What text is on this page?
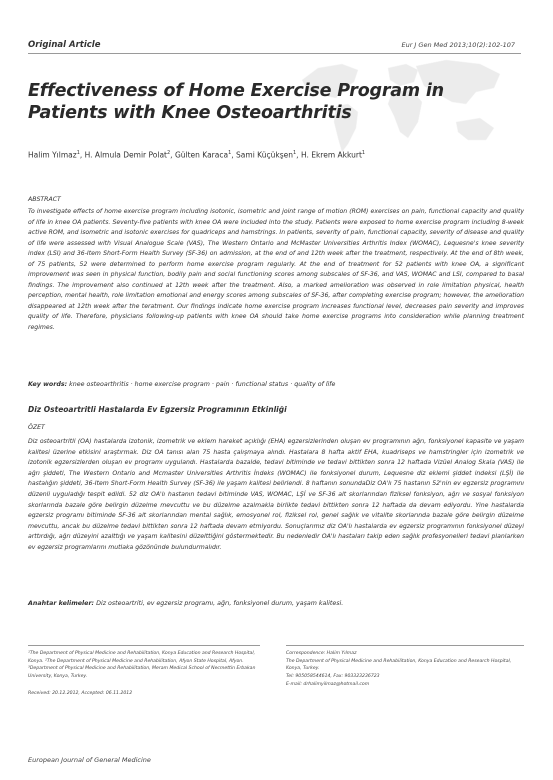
Original Article	Eur J Gen Med 2013;10(2):102-107
Effectiveness of Home Exercise Program in Patients with Knee Osteoarthritis
Halim Yılmaz$^1$, H. Almula Demir Polat$^2$, Gülten Karaca$^1$, Sami Küçükşen$^1$, H. Ekrem Akkurt$^1$
ABSTRACT
To investigate effects of home exercise program including isotonic, isometric and joint range of motion (ROM) exercises on pain, functional capacity and quality of life in knee OA patients. Seventy-five patients with knee OA were included into the study. Patients were exposed to home exercise program including 8-week active ROM, and isometric and isotonic exercises for quadriceps and hamstrings. In patients, severity of pain, functional capacity, severity of disease and quality of life were assessed with Visual Analogue Scale (VAS), The Western Ontario and McMaster Universities Arthritis Index (WOMAC), Lequesne's knee severity index (LSI) and 36-Item Short-Form Health Survey (SF-36) on admission, at the end of and 12th week after the treatment, respectively. At the end of 8th week, of 75 patients, 52 were determined to perform home exercise program regularly. At the end of treatment for 52 patients with knee OA, a significant improvement was seen in physical function, bodily pain and social functioning scores among subscales of SF-36, and VAS, WOMAC and LSI, compared to basal findings. The improvement also continued at 12th week after the treatment. Also, a marked amelioration was observed in role limitation physical, health perception, mental health, role limitation emotional and energy scores among subscales of SF-36, after completing exercise program; however, the amelioration disappeared at 12th week after the teratment. Our findings indicate home exercise program increases functional level, decreases pain severity and improves quality of life. Therefore, physicians following-up patients with knee OA should take home exercise programs into consideration while planning treatment regimes.
Key words: knee osteoarthritis · home exercise program · pain · functional status · quality of life
Diz Osteoartritli Hastalarda Ev Egzersiz Programının Etkinliği
ÖZET
Diz osteoartritli (OA) hastalarda izotonik, izometrik ve eklem hareket açıklığı (EHA) egzersizlerinden oluşan ev programının ağrı, fonksiyonel kapasite ve yaşam kalitesi üzerine etkisini araştırmak. Diz OA tanısı alan 75 hasta çalışmaya alındı. Hastalara 8 hafta aktif EHA, kuadriseps ve hamstringler için izometrik ve izotonik egzersizlerden oluşan ev programı uygulandı. Hastalarda bazalde, tedavi bitiminde ve tedavi bittikten sonra 12 haftada Vizüel Analog Skala (VAS) ile ağrı şiddeti, The Western Ontario and Mcmaster Universities Arthritis İndeks (WOMAC) ile fonksiyonel durum, Lequesne diz eklemi şiddet indeksi (LŞİ) ile hastalığın şiddeti, 36-Item Short-Form Health Survey (SF-36) ile yaşam kalitesi belirlendi. 8 haftanın sonundaDiz OA'lı 75 hastanın 52'nin ev egzersiz programını düzenli uyguladığı tespit edildi. 52 diz OA'lı hastanın tedavi bitiminde VAS, WOMAC, LŞİ ve SF-36 alt skorlarından fiziksel fonksiyon, ağrı ve sosyal fonksiyon skorlarında bazale göre belirgin düzelme mevcuttu ve bu düzelme azalmakla birlikte tedavi bittikten sonra 12 haftada da devam ediyordu. Yine hastalarda egzersiz programı bitiminde SF-36 alt skorlarından mental sağlık, emosyonel rol, fiziksel rol, genel sağlık ve vitalite skorlarında bazale göre belirgin düzelme mevcuttu, ancak bu düzelme tedavi bittikten sonra 12 haftada devam etmiyordu. Sonuçlarımız diz OA'lı hastalarda ev egzersiz programının fonksiyonel düzeyi arttırdığı, ağrı düzeyini azalttığı ve yaşam kalitesini düzelttiğini göstermektedir. Bu nedenledir OA'lı hastaları takip eden sağlık profesyonelleri tedavi planlarken ev egzersiz programlarını mutlaka gözönünde bulundurmalıdır.
Anahtar kelimeler: Diz osteoartriti, ev egzersiz programı, ağrı, fonksiyonel durum, yaşam kalitesi.
¹The Department of Physical Medicine and Rehabilitation, Konya Education and Research Hospital, Konya. ²The Department of Physical Medicine and Rehabilitation, Afyon State Hospital, Afyon. ³Department of Physical Medicine and Rehabilitation, Meram Medical School of Necmettin Erbakan University, Konya, Turkey.
Correspondence: Halim Yılmaz
The Department of Physical Medicine and Rehabilitation, Konya Education and Research Hospital, Konya, Turkey.
Tel: 905058544614, Fax: 903323236723
E-mail: drhalimyilmaz@hotmail.com
Received: 20.12.2012, Accepted: 06.11.2012
European Journal of General Medicine
